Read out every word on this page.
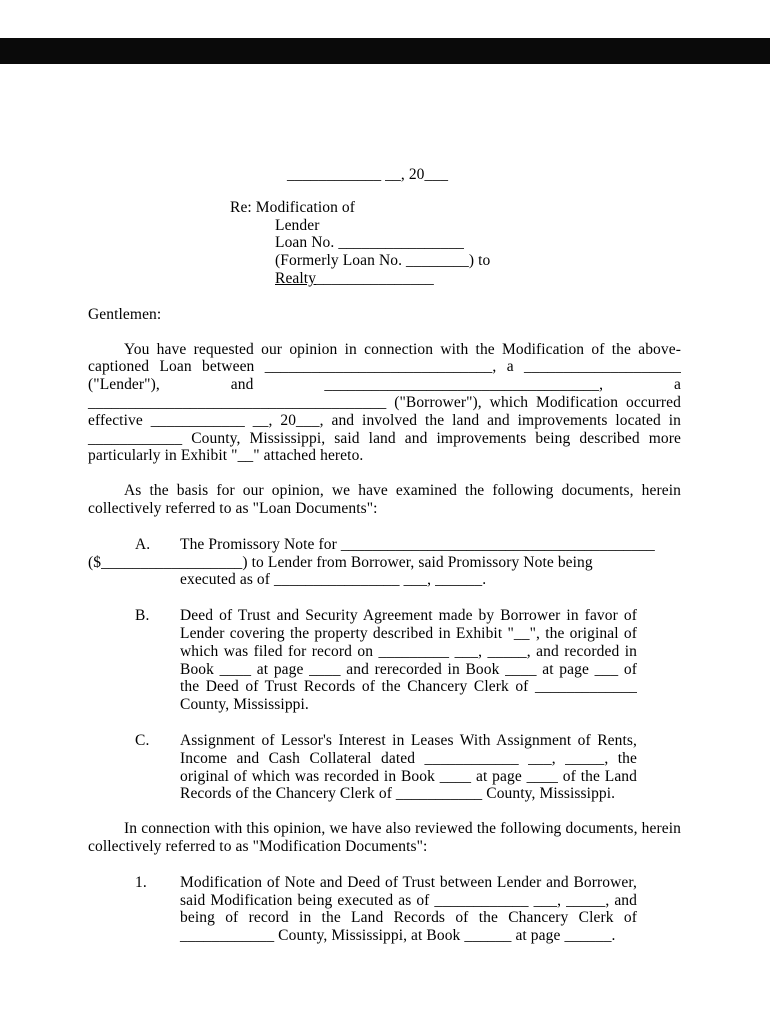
____________ __, 20___
Re: Modification of
Lender
Loan No. ________________
(Formerly Loan No. ________) to
Realty_______________
Gentlemen:
You have requested our opinion in connection with the Modification of the above-captioned Loan between _____________________________, a ____________________ ("Lender"), and ___________________________________, a ______________________________________ ("Borrower"), which Modification occurred effective ____________ __, 20___, and involved the land and improvements located in ____________ County, Mississippi, said land and improvements being described more particularly in Exhibit "__" attached hereto.
As the basis for our opinion, we have examined the following documents, herein collectively referred to as "Loan Documents":
A. The Promissory Note for ________________________________________
($__________________) to Lender from Borrower, said Promissory Note being
executed as of ________________ ___, ______.
B. Deed of Trust and Security Agreement made by Borrower in favor of Lender covering the property described in Exhibit "__", the original of which was filed for record on _________ ___, _____, and recorded in Book ____ at page ____ and rerecorded in Book ____ at page ___ of the Deed of Trust Records of the Chancery Clerk of _____________ County, Mississippi.
C. Assignment of Lessor's Interest in Leases With Assignment of Rents, Income and Cash Collateral dated ____________ ___, _____, the original of which was recorded in Book ____ at page ____ of the Land Records of the Chancery Clerk of ___________ County, Mississippi.
In connection with this opinion, we have also reviewed the following documents, herein collectively referred to as "Modification Documents":
1. Modification of Note and Deed of Trust between Lender and Borrower, said Modification being executed as of ____________ ___, _____, and being of record in the Land Records of the Chancery Clerk of ____________ County, Mississippi, at Book ______ at page ______.
